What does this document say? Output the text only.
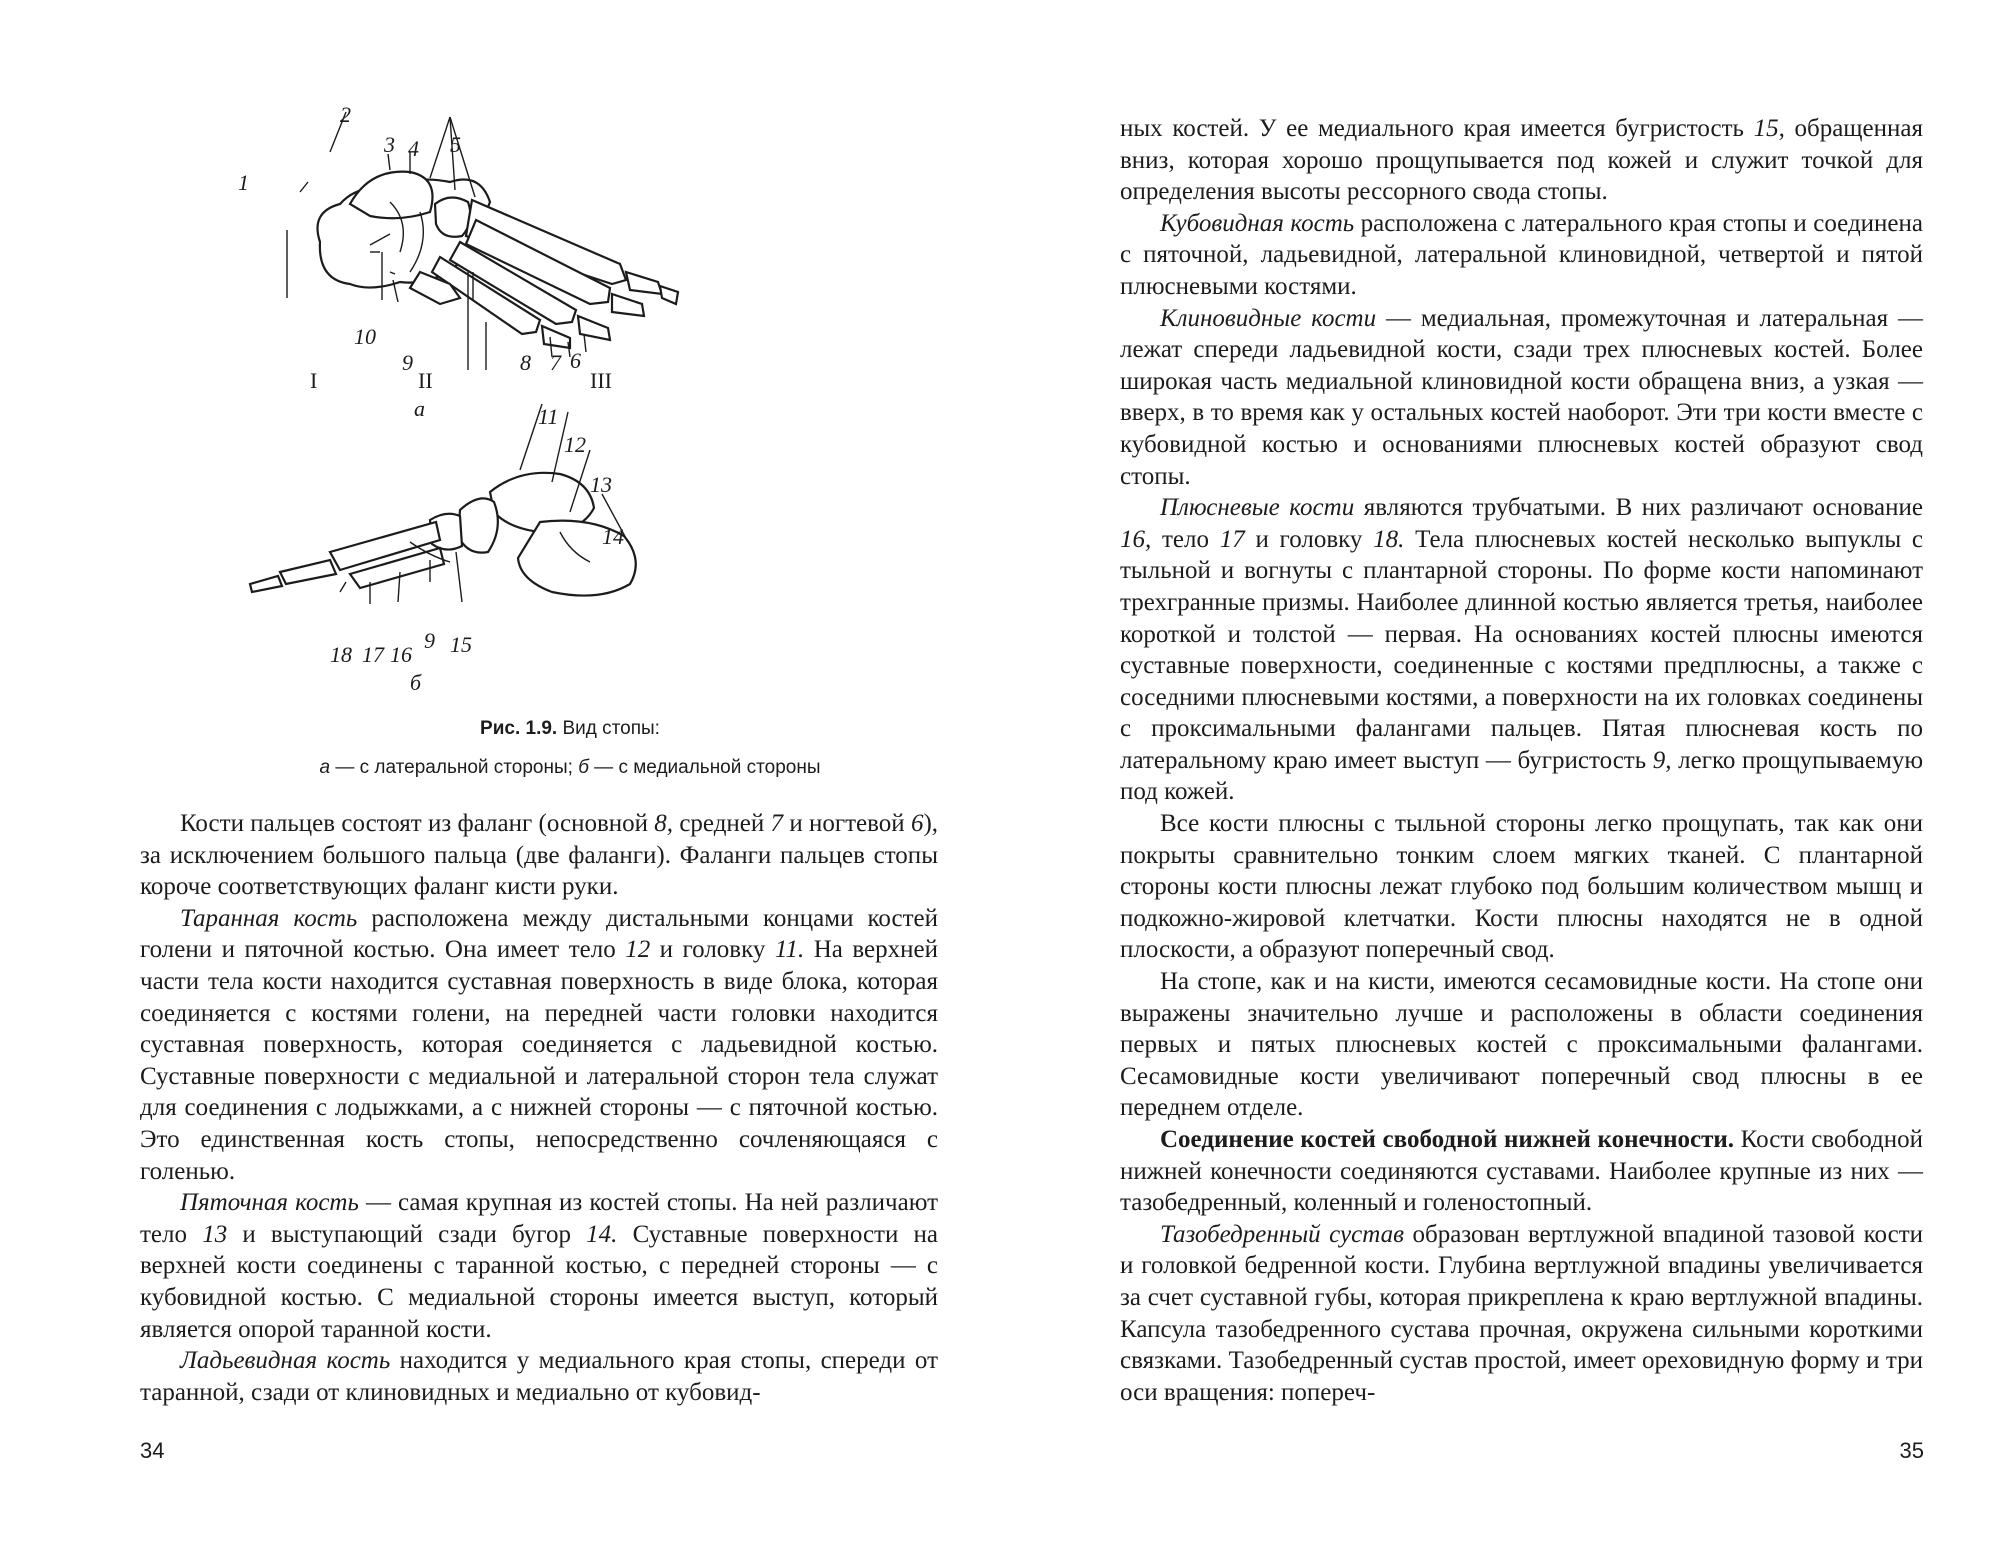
1
2
3 4 5
10
9	8 7 6
I	II	III
а	11
12
13
14
18 17 16
9 15
б
Рис. 1.9. Вид стопы:
а — с латеральной стороны; б — с медиальной стороны

Кости пальцев состоят из фаланг (основной 8, средней 7 и ногтевой 6), за исключением большого пальца (две фаланги). Фаланги пальцев стопы короче соответствующих фаланг кисти руки.

Таранная кость расположена между дистальными концами костей голени и пяточной костью. Она имеет тело 12 и головку 11. На верхней части тела кости находится суставная поверхность в виде блока, которая соединяется с костями голени, на передней части головки находится суставная поверхность, которая соединяется с ладьевидной костью. Суставные поверхности с медиальной и латеральной сторон тела служат для соединения с лодыжками, а с нижней стороны — с пяточной костью. Это единственная кость стопы, непосредственно сочленяющаяся с голенью.

Пяточная кость — самая крупная из костей стопы. На ней различают тело 13 и выступающий сзади бугор 14. Суставные поверхности на верхней кости соединены с таранной костью, с передней стороны — с кубовидной костью. С медиальной стороны имеется выступ, который является опорой таранной кости.

Ладьевидная кость находится у медиального края стопы, спереди от таранной, сзади от клиновидных и медиально от кубовид-

34

ных костей. У ее медиального края имеется бугристость 15, обращенная вниз, которая хорошо прощупывается под кожей и служит точкой для определения высоты рессорного свода стопы.

Кубовидная кость расположена с латерального края стопы и соединена с пяточной, ладьевидной, латеральной клиновидной, четвертой и пятой плюсневыми костями.

Клиновидные кости — медиальная, промежуточная и латеральная — лежат спереди ладьевидной кости, сзади трех плюсневых костей. Более широкая часть медиальной клиновидной кости обращена вниз, а узкая — вверх, в то время как у остальных костей наоборот. Эти три кости вместе с кубовидной костью и основаниями плюсневых костей образуют свод стопы.

Плюсневые кости являются трубчатыми. В них различают основание 16, тело 17 и головку 18. Тела плюсневых костей несколько выпуклы с тыльной и вогнуты с плантарной стороны. По форме кости напоминают трехгранные призмы. Наиболее длинной костью является третья, наиболее короткой и толстой — первая. На основаниях костей плюсны имеются суставные поверхности, соединенные с костями предплюсны, а также с соседними плюсневыми костями, а поверхности на их головках соединены с проксимальными фалангами пальцев. Пятая плюсневая кость по латеральному краю имеет выступ — бугристость 9, легко прощупываемую под кожей.

Все кости плюсны с тыльной стороны легко прощупать, так как они покрыты сравнительно тонким слоем мягких тканей. С плантарной стороны кости плюсны лежат глубоко под большим количеством мышц и подкожно-жировой клетчатки. Кости плюсны находятся не в одной плоскости, а образуют поперечный свод.

На стопе, как и на кисти, имеются сесамовидные кости. На стопе они выражены значительно лучше и расположены в области соединения первых и пятых плюсневых костей с проксимальными фалангами. Сесамовидные кости увеличивают поперечный свод плюсны в ее переднем отделе.

Соединение костей свободной нижней конечности. Кости свободной нижней конечности соединяются суставами. Наиболее крупные из них — тазобедренный, коленный и голеностопный.

Тазобедренный сустав образован вертлужной впадиной тазовой кости и головкой бедренной кости. Глубина вертлужной впадины увеличивается за счет суставной губы, которая прикреплена к краю вертлужной впадины. Капсула тазобедренного сустава прочная, окружена сильными короткими связками. Тазобедренный сустав простой, имеет ореховидную форму и три оси вращения: попереч-

35
